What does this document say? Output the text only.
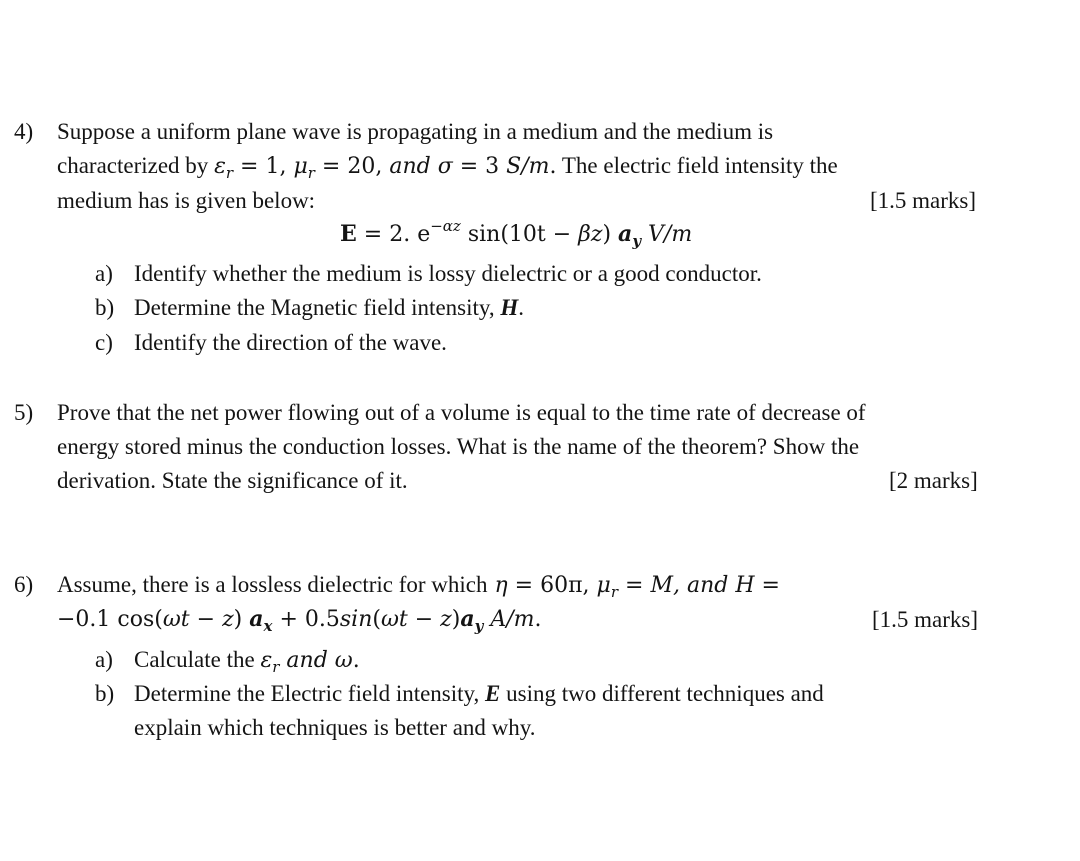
4) Suppose a uniform plane wave is propagating in a medium and the medium is
characterized by $\varepsilon_r = 1$, $\mu_r = 20$, and σ = 3 S/m. The electric field intensity the
medium has is given below:	[1.5 marks]
E = 2. $e^{-\alpha z}$ sin(10t − βz) $a_y$ V/m
a) Identify whether the medium is lossy dielectric or a good conductor.
b) Determine the Magnetic field intensity, H.
c) Identify the direction of the wave.
5) Prove that the net power flowing out of a volume is equal to the time rate of decrease of
energy stored minus the conduction losses. What is the name of the theorem? Show the
derivation. State the significance of it.	[2 marks]
6) Assume, there is a lossless dielectric for which η = 60π, $\mu_r = M$, and H =
−0.1 cos(ωt − z) $a_x + 0.5\sin(\omega t - z)a_y$ A/m.	[1.5 marks]
a) Calculate the $\varepsilon_r$ and ω.
b) Determine the Electric field intensity, E using two different techniques and
explain which techniques is better and why.
